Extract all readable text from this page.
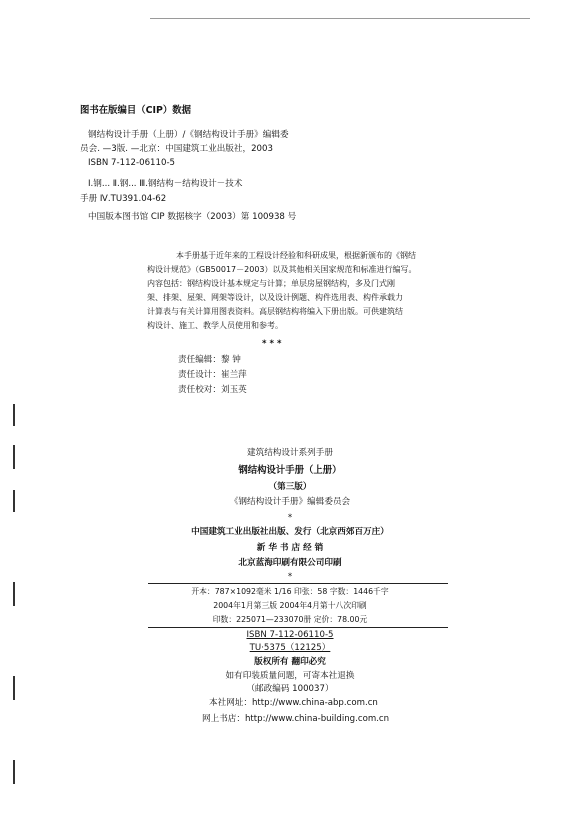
图书在版编目（CIP）数据
钢结构设计手册（上册）/《钢结构设计手册》编辑委
员会. —3版. —北京：中国建筑工业出版社，2003
ISBN 7-112-06110-5
Ⅰ.钢... Ⅱ.钢... Ⅲ.钢结构－结构设计－技术
手册 Ⅳ.TU391.04-62
中国版本图书馆 CIP 数据核字（2003）第 100938 号
本手册基于近年来的工程设计经验和科研成果，根据新颁布的《钢结
构设计规范》（GB50017－2003）以及其他相关国家规范和标准进行编写。
内容包括：钢结构设计基本规定与计算；单层房屋钢结构，多及门式刚
架、排架、屋架、网架等设计，以及设计例题、构件选用表、构件承载力
计算表与有关计算用图表资料。高层钢结构将编入下册出版。可供建筑结
构设计、施工、教学人员使用和参考。
* * *
责任编辑：黎 钟
责任设计：崔兰萍
责任校对：刘玉英
建筑结构设计系列手册
钢结构设计手册（上册）
（第三版）
《钢结构设计手册》编辑委员会
*
中国建筑工业出版社出版、发行（北京西郊百万庄）
新 华 书 店 经 销
北京蓝海印刷有限公司印刷
*
开本：787×1092毫米 1/16 印张：58 字数：1446千字
2004年1月第三版 2004年4月第十八次印刷
印数：225071—233070册 定价：78.00元
ISBN 7-112-06110-5
TU·5375（12125）
版权所有 翻印必究
如有印装质量问题，可寄本社退换
（邮政编码 100037）
本社网址：http://www.china-abp.com.cn
网上书店：http://www.china-building.com.cn
